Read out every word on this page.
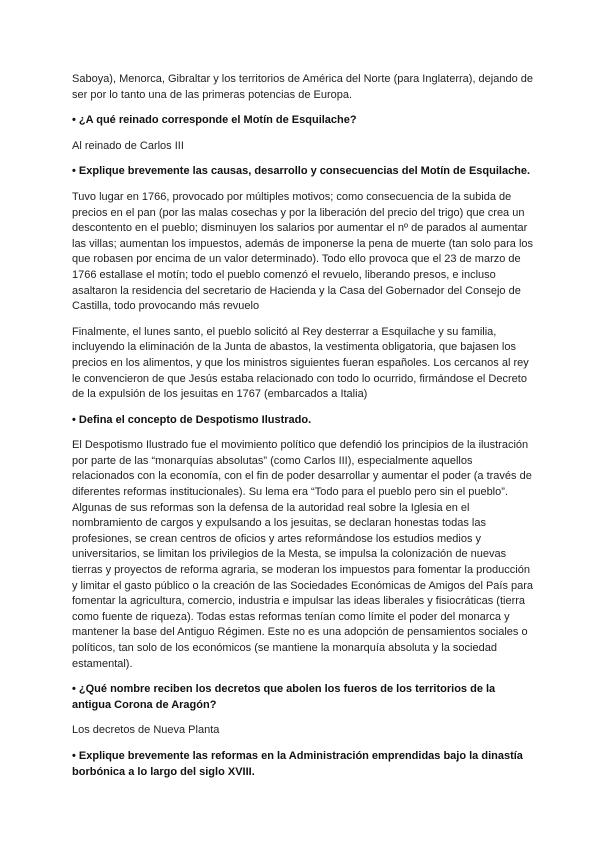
Saboya), Menorca, Gibraltar y los territorios de América del Norte (para Inglaterra), dejando de ser por lo tanto una de las primeras potencias de Europa.

• ¿A qué reinado corresponde el Motín de Esquilache?

Al reinado de Carlos III

• Explique brevemente las causas, desarrollo y consecuencias del Motín de Esquilache.

Tuvo lugar en 1766, provocado por múltiples motivos; como consecuencia de la subida de precios en el pan (por las malas cosechas y por la liberación del precio del trigo) que crea un descontento en el pueblo; disminuyen los salarios por aumentar el nº de parados al aumentar las villas; aumentan los impuestos, además de imponerse la pena de muerte (tan solo para los que robasen por encima de un valor determinado). Todo ello provoca que el 23 de marzo de 1766 estallase el motín; todo el pueblo comenzó el revuelo, liberando presos, e incluso asaltaron la residencia del secretario de Hacienda y la Casa del Gobernador del Consejo de Castilla, todo provocando más revuelo

Finalmente, el lunes santo, el pueblo solicitó al Rey desterrar a Esquilache y su familia, incluyendo la eliminación de la Junta de abastos, la vestimenta obligatoria, que bajasen los precios en los alimentos, y que los ministros siguientes fueran españoles. Los cercanos al rey le convencieron de que Jesús estaba relacionado con todo lo ocurrido, firmándose el Decreto de la expulsión de los jesuitas en 1767 (embarcados a Italia)

• Defina el concepto de Despotismo Ilustrado.

El Despotismo Ilustrado fue el movimiento político que defendió los principios de la ilustración por parte de las “monarquías absolutas” (como Carlos III), especialmente aquellos relacionados con la economía, con el fin de poder desarrollar y aumentar el poder (a través de diferentes reformas institucionales). Su lema era “Todo para el pueblo pero sin el pueblo”. Algunas de sus reformas son la defensa de la autoridad real sobre la Iglesia en el nombramiento de cargos y expulsando a los jesuitas, se declaran honestas todas las profesiones, se crean centros de oficios y artes reformándose los estudios medios y universitarios, se limitan los privilegios de la Mesta, se impulsa la colonización de nuevas tierras y proyectos de reforma agraria, se moderan los impuestos para fomentar la producción y limitar el gasto público o la creación de las Sociedades Económicas de Amigos del País para fomentar la agricultura, comercio, industria e impulsar las ideas liberales y fisiocráticas (tierra como fuente de riqueza). Todas estas reformas tenían como límite el poder del monarca y mantener la base del Antiguo Régimen. Este no es una adopción de pensamientos sociales o políticos, tan solo de los económicos (se mantiene la monarquía absoluta y la sociedad estamental).

• ¿Qué nombre reciben los decretos que abolen los fueros de los territorios de la antigua Corona de Aragón?

Los decretos de Nueva Planta

• Explique brevemente las reformas en la Administración emprendidas bajo la dinastía borbónica a lo largo del siglo XVIII.
